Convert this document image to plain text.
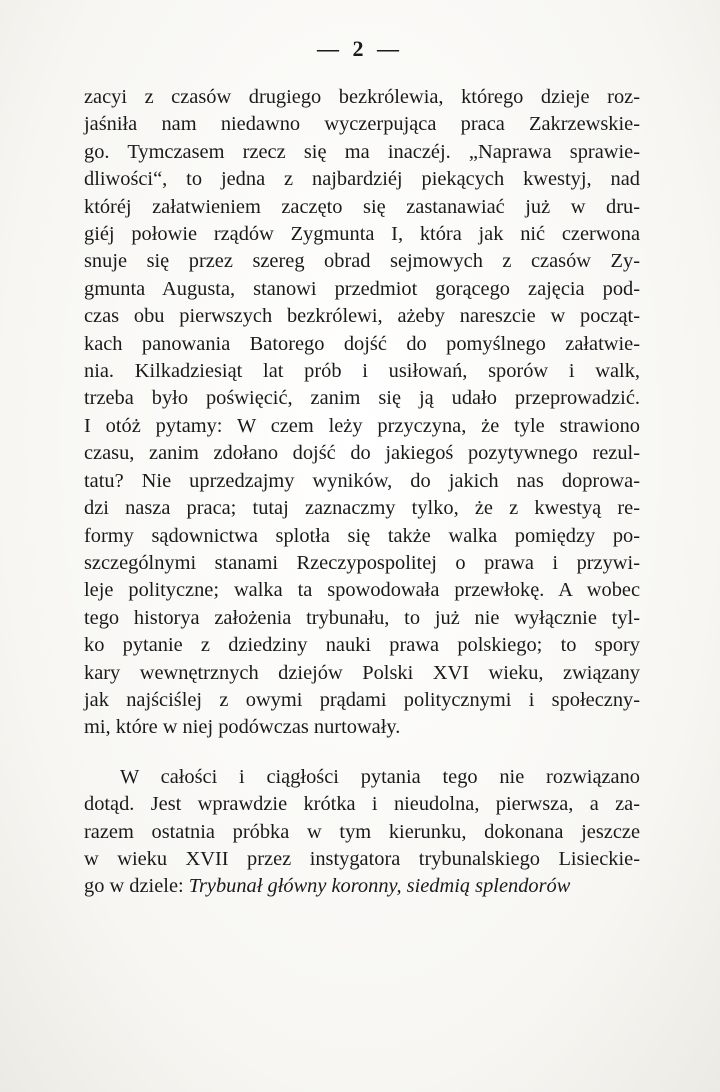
— 2 —
zacyi z czasów drugiego bezkrólewia, którego dzieje roz-
jaśniła nam niedawno wyczerpująca praca Zakrzewskie-
go. Tymczasem rzecz się ma inaczéj. „Naprawa sprawie-
dliwości“, to jedna z najbardziéj piekących kwestyj, nad
któréj załatwieniem zaczęto się zastanawiać już w dru-
giéj połowie rządów Zygmunta I, która jak nić czerwona
snuje się przez szereg obrad sejmowych z czasów Zy-
gmunta Augusta, stanowi przedmiot gorącego zajęcia pod-
czas obu pierwszych bezkrólewi, ażeby nareszcie w począt-
kach panowania Batorego dojść do pomyślnego załatwie-
nia. Kilkadziesiąt lat prób i usiłowań, sporów i walk,
trzeba było poświęcić, zanim się ją udało przeprowadzić.
I otóż pytamy: W czem leży przyczyna, że tyle strawiono
czasu, zanim zdołano dojść do jakiegoś pozytywnego rezul-
tatu? Nie uprzedzajmy wyników, do jakich nas doprowa-
dzi nasza praca; tutaj zaznaczmy tylko, że z kwestyą re-
formy sądownictwa splotła się także walka pomiędzy po-
szczególnymi stanami Rzeczypospolitej o prawa i przywi-
leje polityczne; walka ta spowodowała przewłokę. A wobec
tego historya założenia trybunału, to już nie wyłącznie tyl-
ko pytanie z dziedziny nauki prawa polskiego; to spory
kary wewnętrznych dziejów Polski XVI wieku, związany
jak najściślej z owymi prądami politycznymi i społeczny-
mi, które w niej podówczas nurtowały.
W całości i ciągłości pytania tego nie rozwiązano
dotąd. Jest wprawdzie krótka i nieudolna, pierwsza, a za-
razem ostatnia próbka w tym kierunku, dokonana jeszcze
w wieku XVII przez instygatora trybunalskiego Lisieckie-
go w dziele: Trybunał główny koronny, siedmią splendorów
